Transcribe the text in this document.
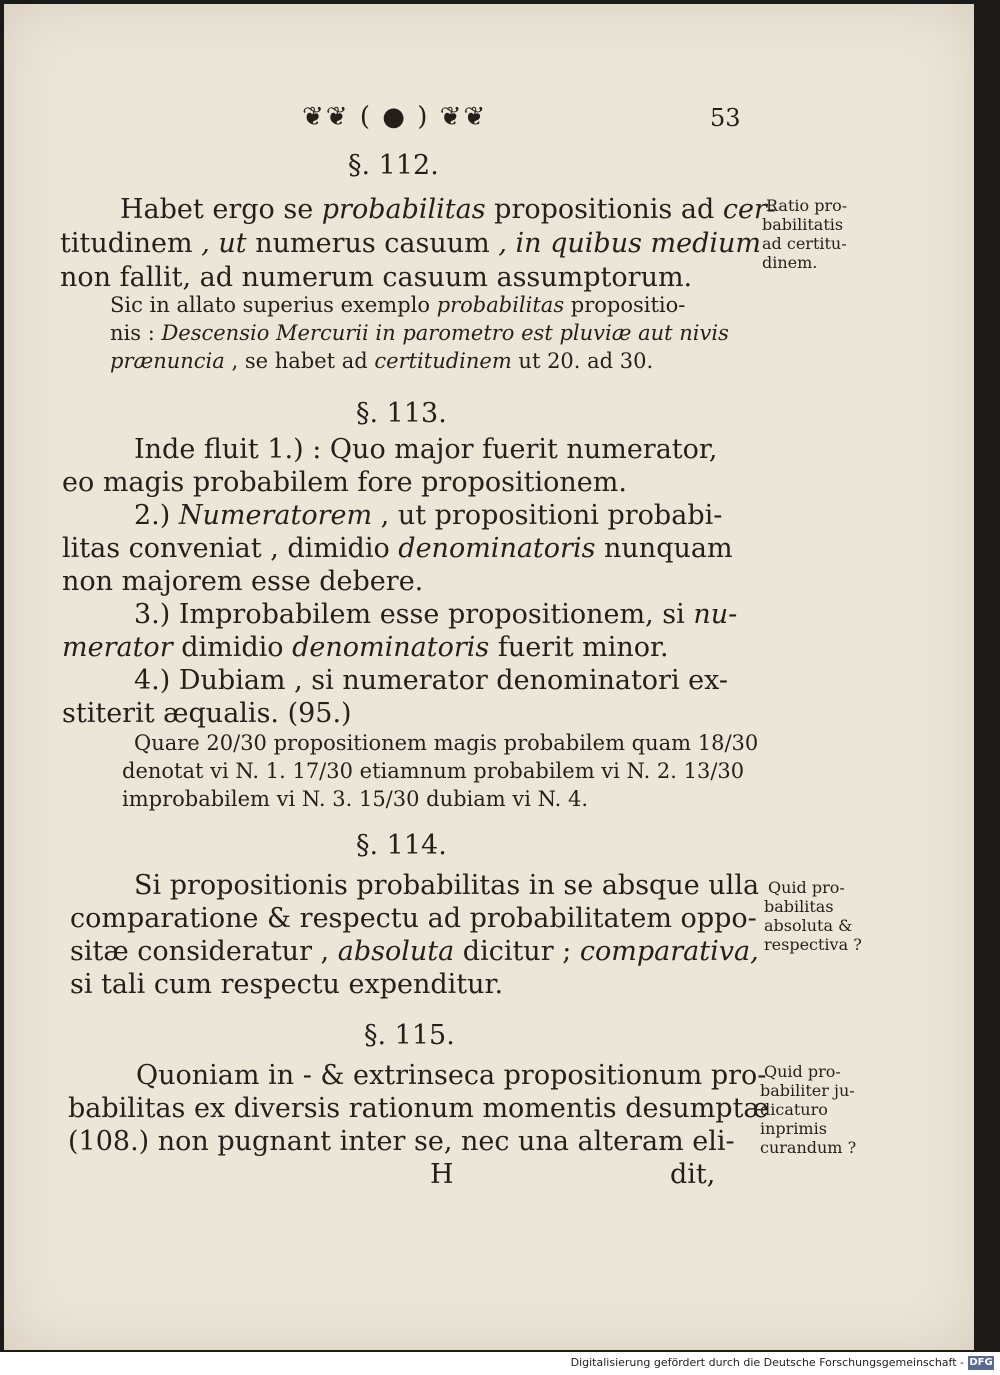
❦❦ ( ● ) ❦❦	53
§. 112.
Habet ergo se probabilitas propositionis ad cer-
titudinem , ut numerus casuum , in quibus medium
non fallit, ad numerum casuum assumptorum.
Sic in allato superius exemplo probabilitas propositio-
nis : Descensio Mercurii in parometro est pluviæ aut nivis
prænuncia , se habet ad certitudinem ut 20. ad 30.
Ratio pro-
babilitatis
ad certitu-
dinem.
§. 113.
Inde fluit 1.) : Quo major fuerit numerator,
eo magis probabilem fore propositionem.
2.) Numeratorem , ut propositioni probabi-
litas conveniat , dimidio denominatoris nunquam
non majorem esse debere.
3.) Improbabilem esse propositionem, si nu-
merator dimidio denominatoris fuerit minor.
4.) Dubiam , si numerator denominatori ex-
stiterit æqualis. (95.)
Quare 20/30 propositionem magis probabilem quam 18/30
denotat vi N. 1. 17/30 etiamnum probabilem vi N. 2. 13/30
improbabilem vi N. 3. 15/30 dubiam vi N. 4.
§. 114.
Si propositionis probabilitas in se absque ulla
comparatione & respectu ad probabilitatem oppo-
sitæ consideratur , absoluta dicitur ; comparativa,
si tali cum respectu expenditur.
Quid pro-
babilitas
absoluta &
respectiva ?
§. 115.
Quoniam in - & extrinseca propositionum pro-
babilitas ex diversis rationum momentis desumptæ
(108.) non pugnant inter se, nec una alteram eli-
Quid pro-
babiliter ju-
dicaturo
inprimis
curandum ?
H	dit,
Digitalisierung gefördert durch die Deutsche Forschungsgemeinschaft - DFG
